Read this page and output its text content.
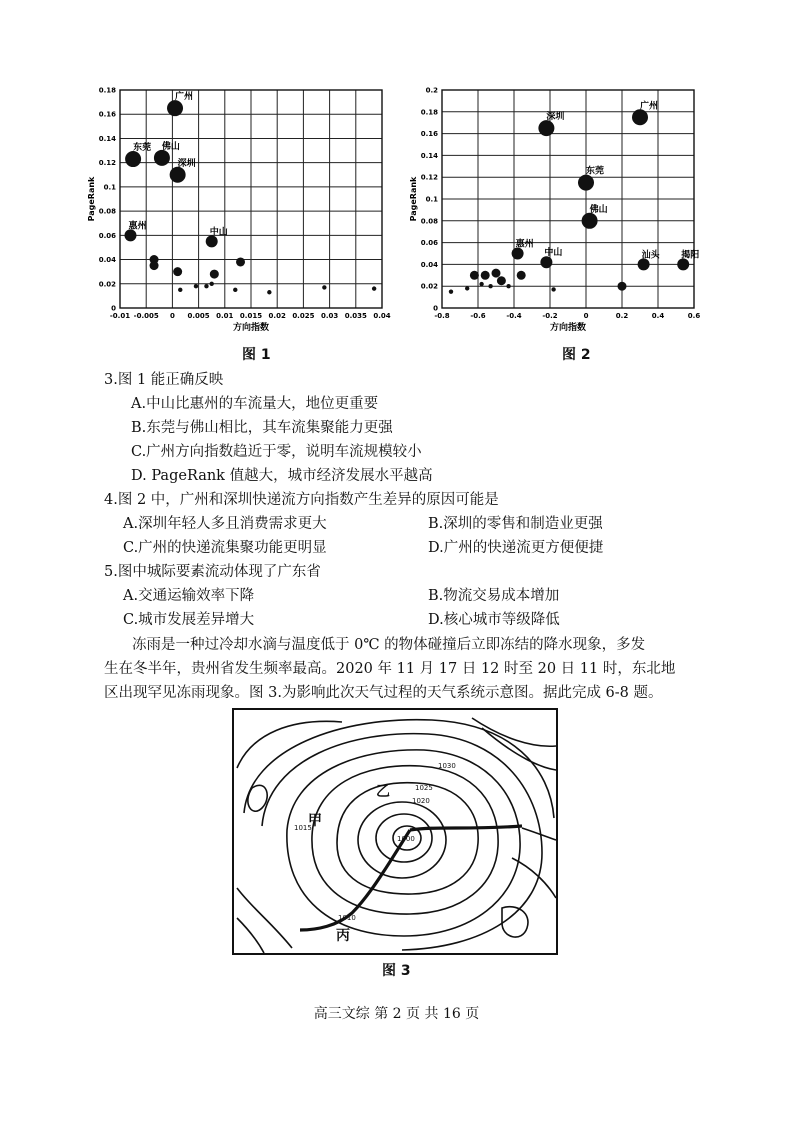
-0.01 -0.005 0 0.005 0.01 0.015 0.02 0.025 0.03 0.035 0.04
0
0.02
0.04
0.06
0.08
0.1
0.12
0.14
0.16
0.18
PageRank
方向指数
广州
东莞 佛山
深圳
惠州
中山
图 1
-0.8	-0.6	-0.4	-0.2	0	0.2	0.4	0.6
0
0.02
0.04
0.06
0.08
0.1
0.12
0.14
0.16
0.18
0.2
PageRank
方向指数
广州
深圳
东莞
佛山
惠州
中山	汕头 揭阳
图 2
3.图 1 能正确反映
A.中山比惠州的车流量大，地位更重要
B.东莞与佛山相比，其车流集聚能力更强
C.广州方向指数趋近于零，说明车流规模较小
D. PageRank 值越大，城市经济发展水平越高
4.图 2 中，广州和深圳快递流方向指数产生差异的原因可能是
A.深圳年轻人多且消费需求更大	B.深圳的零售和制造业更强
C.广州的快递流集聚功能更明显	D.广州的快递流更方便便捷
5.图中城际要素流动体现了广东省
A.交通运输效率下降	B.物流交易成本增加
C.城市发展差异增大	D.核心城市等级降低
冻雨是一种过冷却水滴与温度低于 0℃ 的物体碰撞后立即冻结的降水现象，多发
生在冬半年，贵州省发生频率最高。2020 年 11 月 17 日 12 时至 20 日 11 时，东北地
区出现罕见冻雨现象。图 3.为影响此次天气过程的天气系统示意图。据此完成 6-8 题。
1000
1010
1015
1020
1025
1030
甲
乙
丙
图 3
高三文综 第 2 页 共 16 页
